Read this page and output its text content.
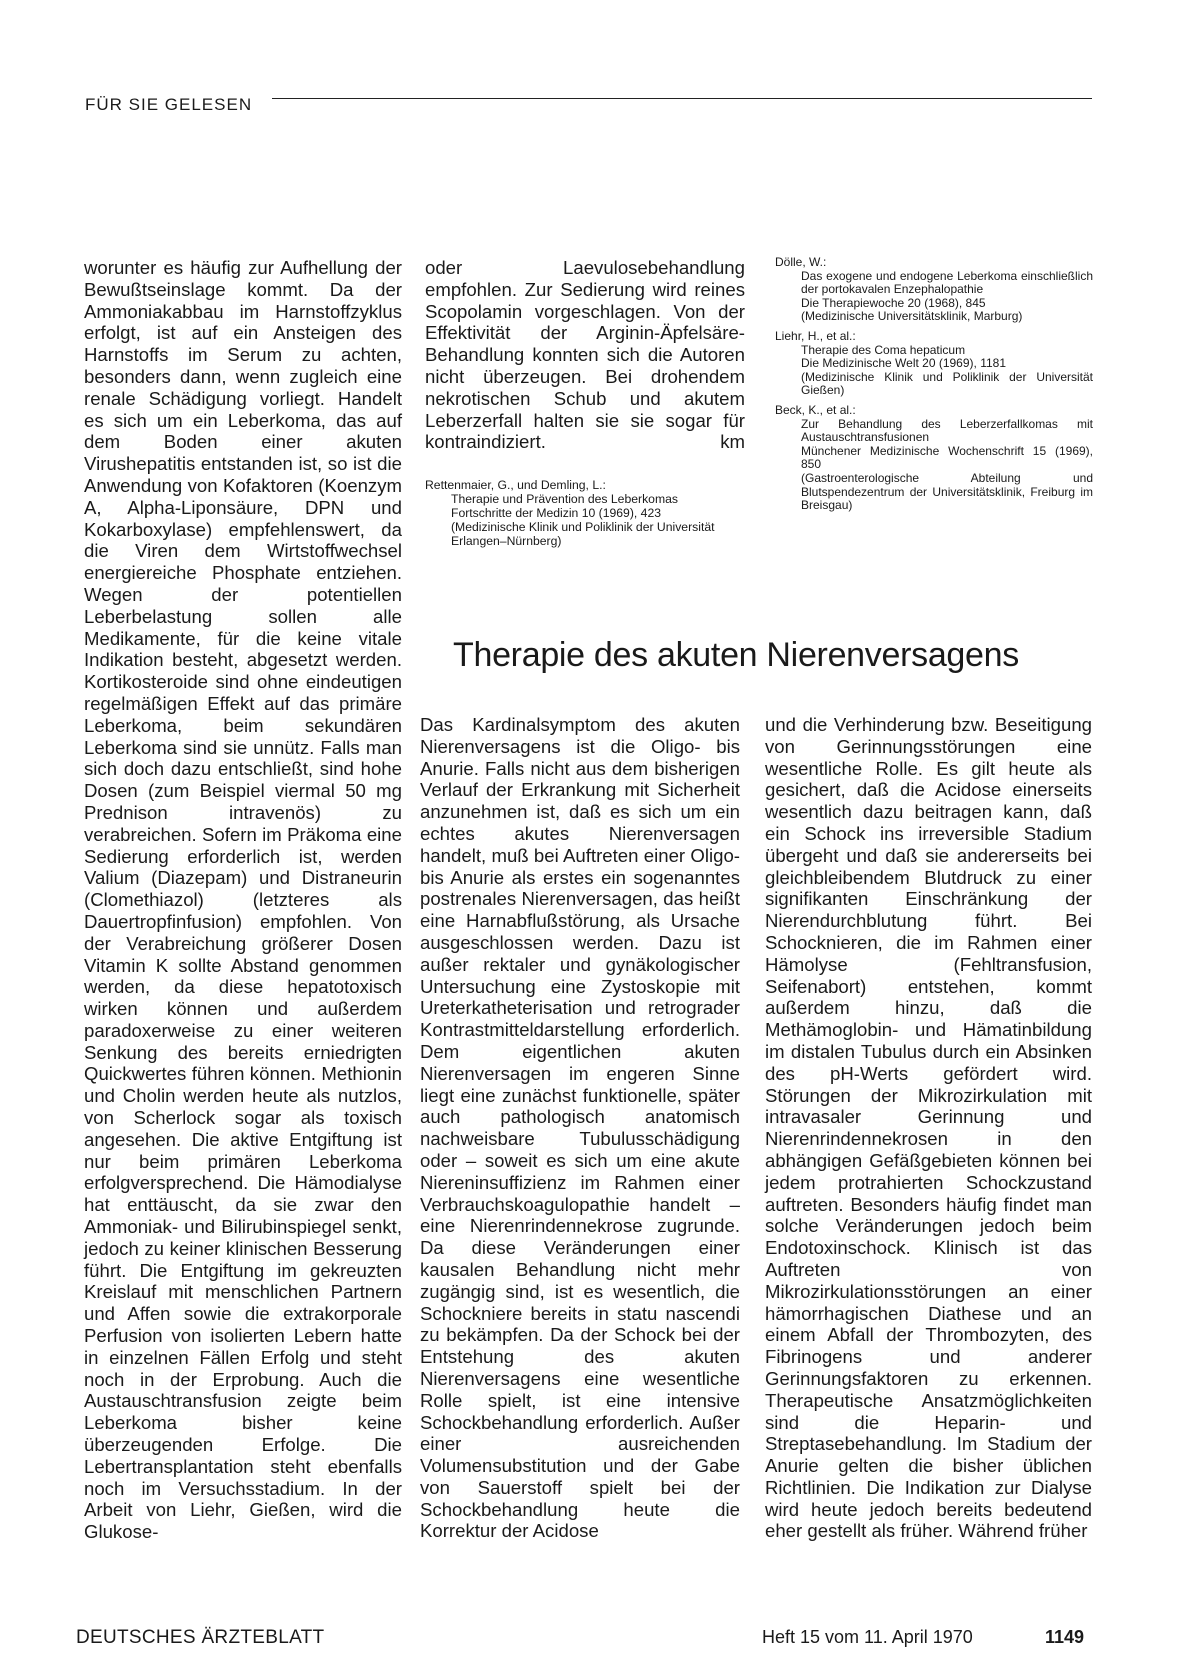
FÜR SIE GELESEN

worunter es häufig zur Aufhellung der Bewußtseinslage kommt. Da der Ammoniakabbau im Harnstoffzyklus erfolgt, ist auf ein Ansteigen des Harnstoffs im Serum zu achten, besonders dann, wenn zugleich eine renale Schädigung vorliegt. Handelt es sich um ein Leberkoma, das auf dem Boden einer akuten Virushepatitis entstanden ist, so ist die Anwendung von Kofaktoren (Koenzym A, Alpha-Liponsäure, DPN und Kokarboxylase) empfehlenswert, da die Viren dem Wirtstoffwechsel energiereiche Phosphate entziehen. Wegen der potentiellen Leberbelastung sollen alle Medikamente, für die keine vitale Indikation besteht, abgesetzt werden. Kortikosteroide sind ohne eindeutigen regelmäßigen Effekt auf das primäre Leberkoma, beim sekundären Leberkoma sind sie unnütz. Falls man sich doch dazu entschließt, sind hohe Dosen (zum Beispiel viermal 50 mg Prednison intravenös) zu verabreichen. Sofern im Präkoma eine Sedierung erforderlich ist, werden Valium (Diazepam) und Distraneurin (Clomethiazol) (letzteres als Dauertropfinfusion) empfohlen. Von der Verabreichung größerer Dosen Vitamin K sollte Abstand genommen werden, da diese hepatotoxisch wirken können und außerdem paradoxerweise zu einer weiteren Senkung des bereits erniedrigten Quickwertes führen können. Methionin und Cholin werden heute als nutzlos, von Scherlock sogar als toxisch angesehen. Die aktive Entgiftung ist nur beim primären Leberkoma erfolgversprechend. Die Hämodialyse hat enttäuscht, da sie zwar den Ammoniak- und Bilirubinspiegel senkt, jedoch zu keiner klinischen Besserung führt. Die Entgiftung im gekreuzten Kreislauf mit menschlichen Partnern und Affen sowie die extrakorporale Perfusion von isolierten Lebern hatte in einzelnen Fällen Erfolg und steht noch in der Erprobung. Auch die Austauschtransfusion zeigte beim Leberkoma bisher keine überzeugenden Erfolge. Die Lebertransplantation steht ebenfalls noch im Versuchsstadium. In der Arbeit von Liehr, Gießen, wird die Glukose-

oder Laevulosebehandlung empfohlen. Zur Sedierung wird reines Scopolamin vorgeschlagen. Von der Effektivität der Arginin-Äpfelsäre-Behandlung konnten sich die Autoren nicht überzeugen. Bei drohendem nekrotischen Schub und akutem Leberzerfall halten sie sie sogar für kontraindiziert.	km

Rettenmaier, G., und Demling, L.:

Therapie und Prävention des Leberkomas

Fortschritte der Medizin 10 (1969), 423

(Medizinische Klinik und Poliklinik der Universität Erlangen–Nürnberg)

Dölle, W.:

Das exogene und endogene Leberkoma einschließlich der portokavalen Enzephalopathie

Die Therapiewoche 20 (1968), 845

(Medizinische Universitätsklinik, Marburg)

Liehr, H., et al.:

Therapie des Coma hepaticum

Die Medizinische Welt 20 (1969), 1181

(Medizinische Klinik und Poliklinik der Universität Gießen)

Beck, K., et al.:

Zur Behandlung des Leberzerfallkomas mit Austauschtransfusionen

Münchener Medizinische Wochenschrift 15 (1969), 850

(Gastroenterologische Abteilung und Blutspendezentrum der Universitätsklinik, Freiburg im Breisgau)

Therapie des akuten Nierenversagens

Das Kardinalsymptom des akuten Nierenversagens ist die Oligo- bis Anurie. Falls nicht aus dem bisherigen Verlauf der Erkrankung mit Sicherheit anzunehmen ist, daß es sich um ein echtes akutes Nierenversagen handelt, muß bei Auftreten einer Oligo- bis Anurie als erstes ein sogenanntes postrenales Nierenversagen, das heißt eine Harnabflußstörung, als Ursache ausgeschlossen werden. Dazu ist außer rektaler und gynäkologischer Untersuchung eine Zystoskopie mit Ureterkatheterisation und retrograder Kontrastmitteldarstellung erforderlich. Dem eigentlichen akuten Nierenversagen im engeren Sinne liegt eine zunächst funktionelle, später auch pathologisch anatomisch nachweisbare Tubulusschädigung oder – soweit es sich um eine akute Niereninsuffizienz im Rahmen einer Verbrauchskoagulopathie handelt – eine Nierenrindennekrose zugrunde. Da diese Veränderungen einer kausalen Behandlung nicht mehr zugängig sind, ist es wesentlich, die Schockniere bereits in statu nascendi zu bekämpfen. Da der Schock bei der Entstehung des akuten Nierenversagens eine wesentliche Rolle spielt, ist eine intensive Schockbehandlung erforderlich. Außer einer ausreichenden Volumensubstitution und der Gabe von Sauerstoff spielt bei der Schockbehandlung heute die Korrektur der Acidose

und die Verhinderung bzw. Beseitigung von Gerinnungsstörungen eine wesentliche Rolle. Es gilt heute als gesichert, daß die Acidose einerseits wesentlich dazu beitragen kann, daß ein Schock ins irreversible Stadium übergeht und daß sie andererseits bei gleichbleibendem Blutdruck zu einer signifikanten Einschränkung der Nierendurchblutung führt. Bei Schocknieren, die im Rahmen einer Hämolyse (Fehltransfusion, Seifenabort) entstehen, kommt außerdem hinzu, daß die Methämoglobin- und Hämatinbildung im distalen Tubulus durch ein Absinken des pH-Werts gefördert wird. Störungen der Mikrozirkulation mit intravasaler Gerinnung und Nierenrindennekrosen in den abhängigen Gefäßgebieten können bei jedem protrahierten Schockzustand auftreten. Besonders häufig findet man solche Veränderungen jedoch beim Endotoxinschock. Klinisch ist das Auftreten von Mikrozirkulationsstörungen an einer hämorrhagischen Diathese und an einem Abfall der Thrombozyten, des Fibrinogens und anderer Gerinnungsfaktoren zu erkennen. Therapeutische Ansatzmöglichkeiten sind die Heparin- und Streptasebehandlung. Im Stadium der Anurie gelten die bisher üblichen Richtlinien. Die Indikation zur Dialyse wird heute jedoch bereits bedeutend eher gestellt als früher. Während früher

DEUTSCHES ÄRZTEBLATT	Heft 15 vom 11. April 1970	1149
